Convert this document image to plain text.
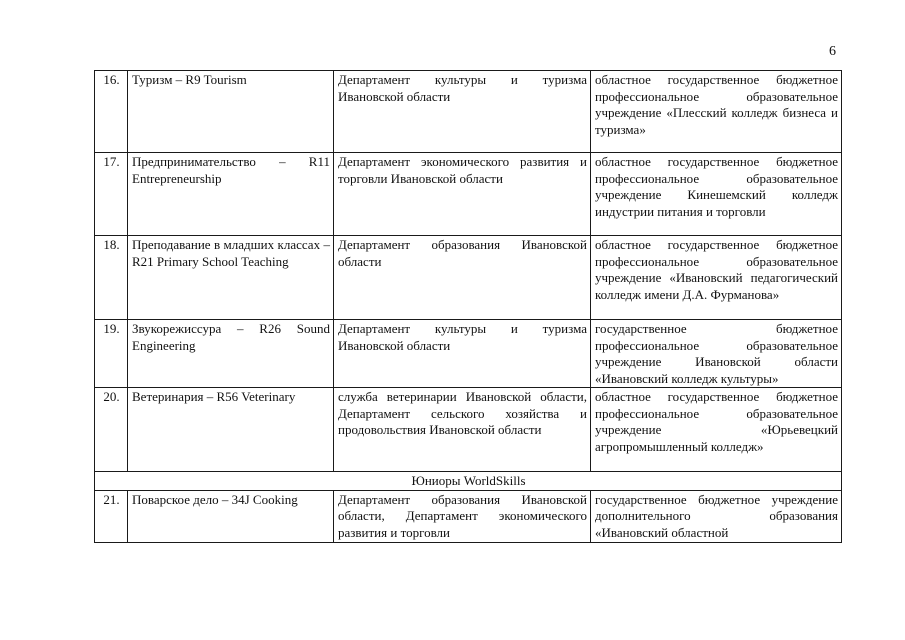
6
16.	Туризм – R9 Tourism	Департамент культуры и туризма Ивановской области	областное государственное бюджетное профессиональное образовательное учреждение «Плесский колледж бизнеса и туризма»
17.	Предпринимательство – R11 Entrepreneurship	Департамент экономического развития и торговли Ивановской области	областное государственное бюджетное профессиональное образовательное учреждение Кинешемский колледж индустрии питания и торговли
18.	Преподавание в младших классах – R21 Primary School Teaching	Департамент образования Ивановской области	областное государственное бюджетное профессиональное образовательное учреждение «Ивановский педагогический колледж имени Д.А. Фурманова»
19.	Звукорежиссура – R26 Sound Engineering	Департамент культуры и туризма Ивановской области	государственное бюджетное профессиональное образовательное учреждение Ивановской области «Ивановский колледж культуры»
20.	Ветеринария – R56 Veterinary	служба ветеринарии Ивановской области, Департамент сельского хозяйства и продовольствия Ивановской области	областное государственное бюджетное профессиональное образовательное учреждение «Юрьевецкий агропромышленный колледж»
Юниоры WorldSkills			
21.	Поварское дело – 34J Cooking	Департамент образования Ивановской области, Департамент экономического развития и торговли	государственное бюджетное учреждение дополнительного образования «Ивановский областной
